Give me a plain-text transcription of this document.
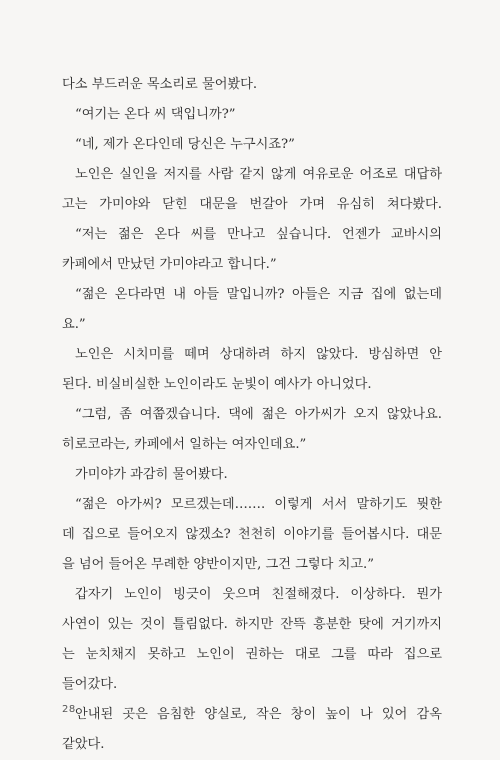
다소 부드러운 목소리로 물어봤다.
“여기는 온다 씨 댁입니까?”
“네, 제가 온다인데 당신은 누구시죠?”
노인은 실인을 저지를 사람 같지 않게 여유로운 어조로 대답하
고는 가미야와 닫힌 대문을 번갈아 가며 유심히 쳐다봤다.
“저는 젊은 온다 씨를 만나고 싶습니다. 언젠가 교바시의
카페에서 만났던 가미야라고 합니다.”
“젊은 온다라면 내 아들 말입니까? 아들은 지금 집에 없는데
요.”
노인은 시치미를 떼며 상대하려 하지 않았다. 방심하면 안
된다. 비실비실한 노인이라도 눈빛이 예사가 아니었다.
“그럼, 좀 여쭙겠습니다. 댁에 젊은 아가씨가 오지 않았나요.
히로코라는, 카페에서 일하는 여자인데요.”
가미야가 과감히 물어봤다.
“젊은 아가씨? 모르겠는데……. 이렇게 서서 말하기도 뭣한
데 집으로 들어오지 않겠소? 천천히 이야기를 들어봅시다. 대문
을 넘어 들어온 무례한 양반이지만, 그건 그렇다 치고.”
갑자기 노인이 빙긋이 웃으며 친절해졌다. 이상하다. 뭔가
사연이 있는 것이 틀림없다. 하지만 잔뜩 흥분한 탓에 거기까지
는 눈치채지 못하고 노인이 권하는 대로 그를 따라 집으로
들어갔다.
안내된 곳은 음침한 양실로, 작은 창이 높이 나 있어 감옥
같았다.
28
